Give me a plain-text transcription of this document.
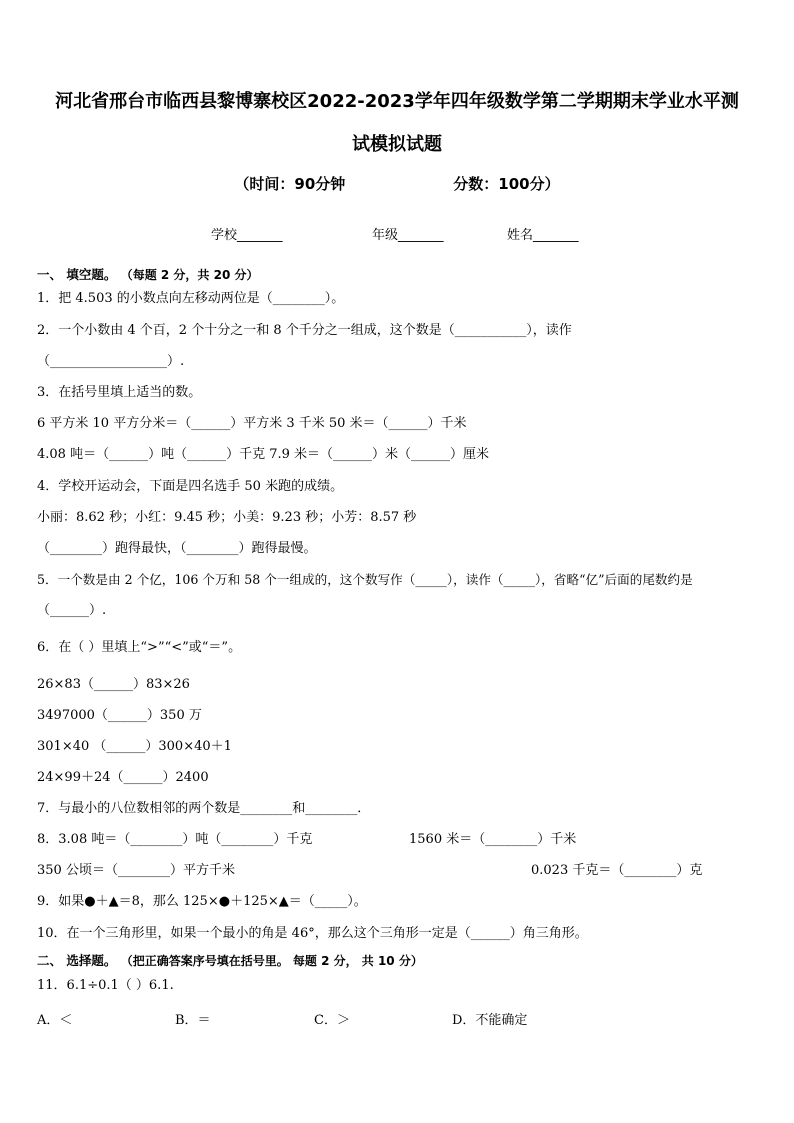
河北省邢台市临西县黎博寨校区2022-2023学年四年级数学第二学期期末学业水平测
试模拟试题
（时间：90分钟	分数：100分）
学校_______	年级_______	姓名_______
一、 填空题。 （每题 2 分，共 20 分）
1．把 4.503 的小数点向左移动两位是（________）。
2．一个小数由 4 个百，2 个十分之一和 8 个千分之一组成，这个数是（___________），读作
（__________________）.
3．在括号里填上适当的数。
6 平方米 10 平方分米＝（______）平方米 3 千米 50 米＝（______）千米
4.08 吨＝（______）吨（______）千克 7.9 米＝（______）米（______）厘米
4．学校开运动会，下面是四名选手 50 米跑的成绩。
小丽：8.62 秒；小红：9.45 秒；小美：9.23 秒；小芳：8.57 秒
（________）跑得最快，（________）跑得最慢。
5．一个数是由 2 个亿，106 个万和 58 个一组成的，这个数写作（_____），读作（_____），省略“亿”后面的尾数约是
（______）.
6．在（ ）里填上“>”“<”或“＝”。
26×83（______）83×26
3497000（______）350 万
301×40 （______）300×40＋1
24×99＋24（______）2400
7．与最小的八位数相邻的两个数是________和________．
8．3.08 吨＝（________）吨（________）千克	1560 米＝（________）千米
350 公顷＝（________）平方千米	0.023 千克＝（________）克
9．如果●＋▲＝8，那么 125×●＋125×▲＝（_____）。
10．在一个三角形里，如果一个最小的角是 46°，那么这个三角形一定是（______）角三角形。
二、 选择题。 （把正确答案序号填在括号里。 每题 2 分， 共 10 分）
11．6.1÷0.1（ ）6.1.
A．＜	B．＝	C．＞	D．不能确定
